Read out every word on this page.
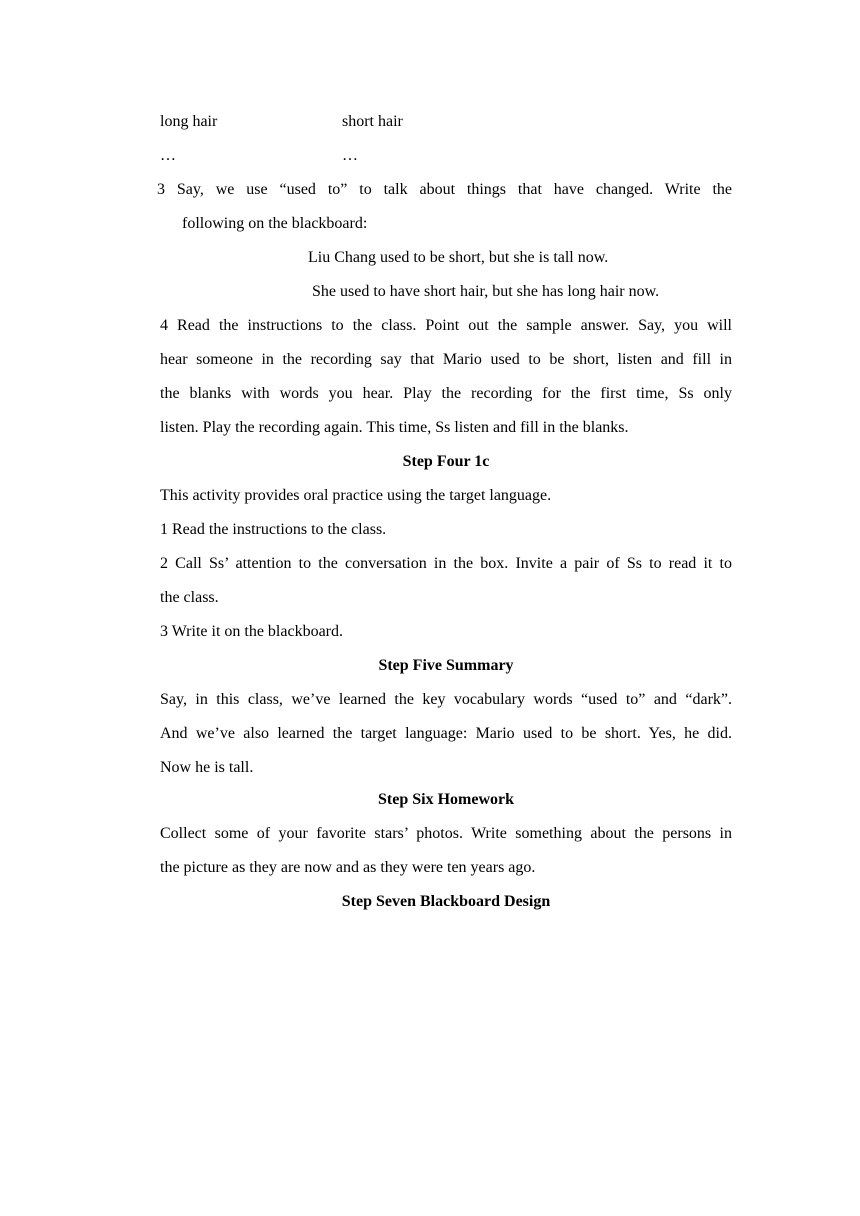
long hair	short hair
…	…
3 Say, we use “used to” to talk about things that have changed. Write the
following on the blackboard:
Liu Chang used to be short, but she is tall now.
She used to have short hair, but she has long hair now.
4 Read the instructions to the class. Point out the sample answer. Say, you will
hear someone in the recording say that Mario used to be short, listen and fill in
the blanks with words you hear. Play the recording for the first time, Ss only
listen. Play the recording again. This time, Ss listen and fill in the blanks.
Step Four 1c
This activity provides oral practice using the target language.
1 Read the instructions to the class.
2 Call Ss’ attention to the conversation in the box. Invite a pair of Ss to read it to
the class.
3 Write it on the blackboard.
Step Five Summary
Say, in this class, we’ve learned the key vocabulary words “used to” and “dark”.
And we’ve also learned the target language: Mario used to be short. Yes, he did.
Now he is tall.
Step Six Homework
Collect some of your favorite stars’ photos. Write something about the persons in
the picture as they are now and as they were ten years ago.
Step Seven Blackboard Design
